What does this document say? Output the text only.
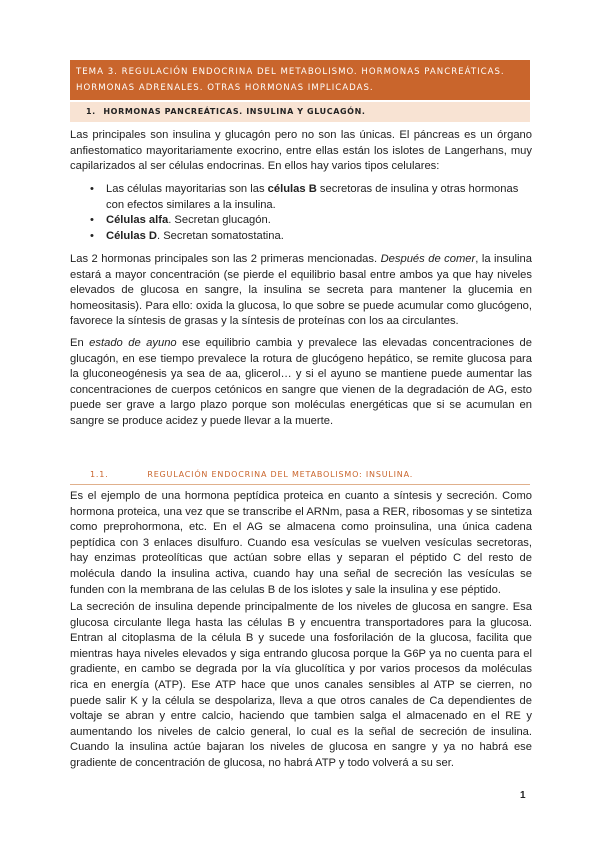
TEMA 3. REGULACIÓN ENDOCRINA DEL METABOLISMO. HORMONAS PANCREÁTICAS.
HORMONAS ADRENALES. OTRAS HORMONAS IMPLICADAS.
1. HORMONAS PANCREÁTICAS. INSULINA Y GLUCAGÓN.

Las principales son insulina y glucagón pero no son las únicas. El páncreas es un órgano anfiestomatico mayoritariamente exocrino, entre ellas están los islotes de Langerhans, muy capilarizados al ser células endocrinas. En ellos hay varios tipos celulares:

• Las células mayoritarias son las células B secretoras de insulina y otras hormonas con efectos similares a la insulina.
• Células alfa. Secretan glucagón.
• Células D. Secretan somatostatina.

Las 2 hormonas principales son las 2 primeras mencionadas. Después de comer, la insulina estará a mayor concentración (se pierde el equilibrio basal entre ambos ya que hay niveles elevados de glucosa en sangre, la insulina se secreta para mantener la glucemia en homeositasis). Para ello: oxida la glucosa, lo que sobre se puede acumular como glucógeno, favorece la síntesis de grasas y la síntesis de proteínas con los aa circulantes.

En estado de ayuno ese equilibrio cambia y prevalece las elevadas concentraciones de glucagón, en ese tiempo prevalece la rotura de glucógeno hepático, se remite glucosa para la gluconeogénesis ya sea de aa, glicerol… y si el ayuno se mantiene puede aumentar las concentraciones de cuerpos cetónicos en sangre que vienen de la degradación de AG, esto puede ser grave a largo plazo porque son moléculas energéticas que si se acumulan en sangre se produce acidez y puede llevar a la muerte.

1.1.	REGULACIÓN ENDOCRINA DEL METABOLISMO: INSULINA.

Es el ejemplo de una hormona peptídica proteica en cuanto a síntesis y secreción. Como hormona proteica, una vez que se transcribe el ARNm, pasa a RER, ribosomas y se sintetiza como preprohormona, etc. En el AG se almacena como proinsulina, una única cadena peptídica con 3 enlaces disulfuro. Cuando esa vesículas se vuelven vesículas secretoras, hay enzimas proteolíticas que actúan sobre ellas y separan el péptido C del resto de molécula dando la insulina activa, cuando hay una señal de secreción las vesículas se funden con la membrana de las celulas B de los islotes y sale la insulina y ese péptido.

La secreción de insulina depende principalmente de los niveles de glucosa en sangre. Esa glucosa circulante llega hasta las células B y encuentra transportadores para la glucosa. Entran al citoplasma de la célula B y sucede una fosforilación de la glucosa, facilita que mientras haya niveles elevados y siga entrando glucosa porque la G6P ya no cuenta para el gradiente, en cambo se degrada por la vía glucolítica y por varios procesos da moléculas rica en energía (ATP). Ese ATP hace que unos canales sensibles al ATP se cierren, no puede salir K y la célula se despolariza, lleva a que otros canales de Ca dependientes de voltaje se abran y entre calcio, haciendo que tambien salga el almacenado en el RE y aumentando los niveles de calcio general, lo cual es la señal de secreción de insulina. Cuando la insulina actúe bajaran los niveles de glucosa en sangre y ya no habrá ese gradiente de concentración de glucosa, no habrá ATP y todo volverá a su ser.

1
